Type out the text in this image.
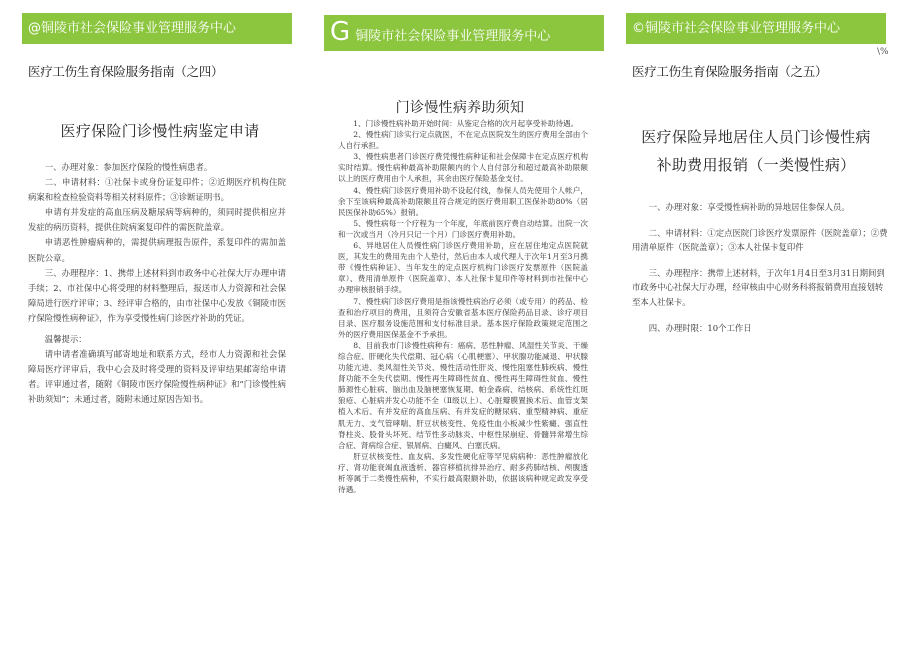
@铜陵市社会保险事业管理服务中心
医疗工伤生育保险服务指南（之四）
医疗保险门诊慢性病鉴定申请

一、办理对象：参加医疗保险的慢性病患者。

二、申请材料：①社保卡或身份证复印件；②近期医疗机构住院病案和检查检验资料等相关材料原件；③诊断证明书。

申请有并发症的高血压病及糖尿病等病种的，须同时提供相应并发症的病历资料，提供住院病案复印件的需医院盖章。

申请恶性肿瘤病种的，需提供病理报告原件，系复印件的需加盖医院公章。

三、办理程序：1、携带上述材料到市政务中心社保大厅办理申请手续；2、市社保中心将受理的材料整理后，报送市人力资源和社会保障局进行医疗评审；3、经评审合格的，由市社保中心发放《铜陵市医疗保险慢性病种证》，作为享受慢性病门诊医疗补助的凭证。

温馨提示：

请申请者准确填写邮寄地址和联系方式，经市人力资源和社会保障局医疗评审后，我中心会及时将受理的资料及评审结果邮寄给申请者。评审通过者，随附《铜陵市医疗保险慢性病种证》和“门诊慢性病补助须知”；未通过者，随附未通过原因告知书。

G $^{铜陵市社会保险事业管理服务中心}$
门诊慢性病养助须知

1、门诊慢性病补助开始时间：从鉴定合格的次月起享受补助待遇。

2、慢性病门诊实行定点就医，不在定点医院发生的医疗费用全部由个人自行承担。

3、慢性病患者门诊医疗费凭慢性病种证和社会保障卡在定点医疗机构实时结算。慢性病种最高补助限额内的个人自付部分和超过最高补助限额以上的医疗费用由个人承担，其余由医疗保险基金支付。

4、慢性病门诊医疗费用补助不设起付线，参保人员先使用个人帐户，余下至该病种最高补助限额且符合规定的医疗费用职工医保补助80%（居民医保补助65%）报销。

5、慢性病每一个疗程为一个年度，年底前医疗费自动结算。出院一次和一次或当月（冷月只记一个月）门诊医疗费用补助。

6、异地居住人员慢性病门诊医疗费用补助，应在居住地定点医院就医，其发生的费用先由个人垫付，然后由本人或代理人于次年1月至3月携带《慢性病种证》、当年发生的定点医疗机构门诊医疗发票原件（医院盖章）、费用清单原件（医院盖章）、本人社保卡复印件等材料到市社保中心办理审核报销手续。

7、慢性病门诊医疗费用是指该慢性病治疗必须（或专用）的药品、检查和治疗项目的费用，且须符合安徽省基本医疗保险药品目录、诊疗项目目录、医疗服务设施范围和支付标准目录。基本医疗保险政策规定范围之外的医疗费用医保基金不予承担。

8、目前我市门诊慢性病种有：癌病、恶性肿瘤、风湿性关节炎、干燥综合症、肝硬化失代偿期、冠心病（心肌梗塞）、甲状腺功能减退、甲状腺功能亢进、类风湿性关节炎、慢性活动性肝炎、慢性阻塞性肺疾病、慢性肾功能不全失代偿期、慢性再生障碍性贫血、慢性再生障碍性贫血、慢性肺源性心脏病、脑出血及脑梗塞恢复期、帕金森病、结核病、系统性红斑狼疮、心脏病并发心功能不全（Ⅱ级以上）、心脏瓣膜置换术后、血管支架植入术后、有并发症的高血压病、有并发症的糖尿病、重型精神病、重症肌无力、支气管哮喘、肝豆状核变性、免疫性血小板减少性紫癜、强直性脊柱炎、股骨头坏死、结节性多动脉炎、中枢性尿崩症、骨髓异常增生综合症、肾病综合症、银屑病、白癜风、白塞氏病。

肝豆状核变性、血友病、多发性硬化症等罕见病病种：恶性肿瘤放化疗、肾功能衰竭血液透析、器官移植抗排异治疗、耐多药肺结核、颅腹透析等属于二类慢性病种，不实行最高限额补助，依据该病种规定政发享受待遇。

©铜陵市社会保险事业管理服务中心
\%
医疗工伤生育保险服务指南（之五）
医疗保险异地居住人员门诊慢性病
补助费用报销（一类慢性病）

一、办理对象：享受慢性病补助的异地居住参保人员。

二、申请材料：①定点医院门诊医疗发票原件（医院盖章）；②费用清单原件（医院盖章）；③本人社保卡复印件

三、办理程序：携带上述材料，于次年1月4日至3月31日期间到市政务中心社保大厅办理，经审核由中心财务科将报销费用直接划转至本人社保卡。

四、办理时限：10个工作日
